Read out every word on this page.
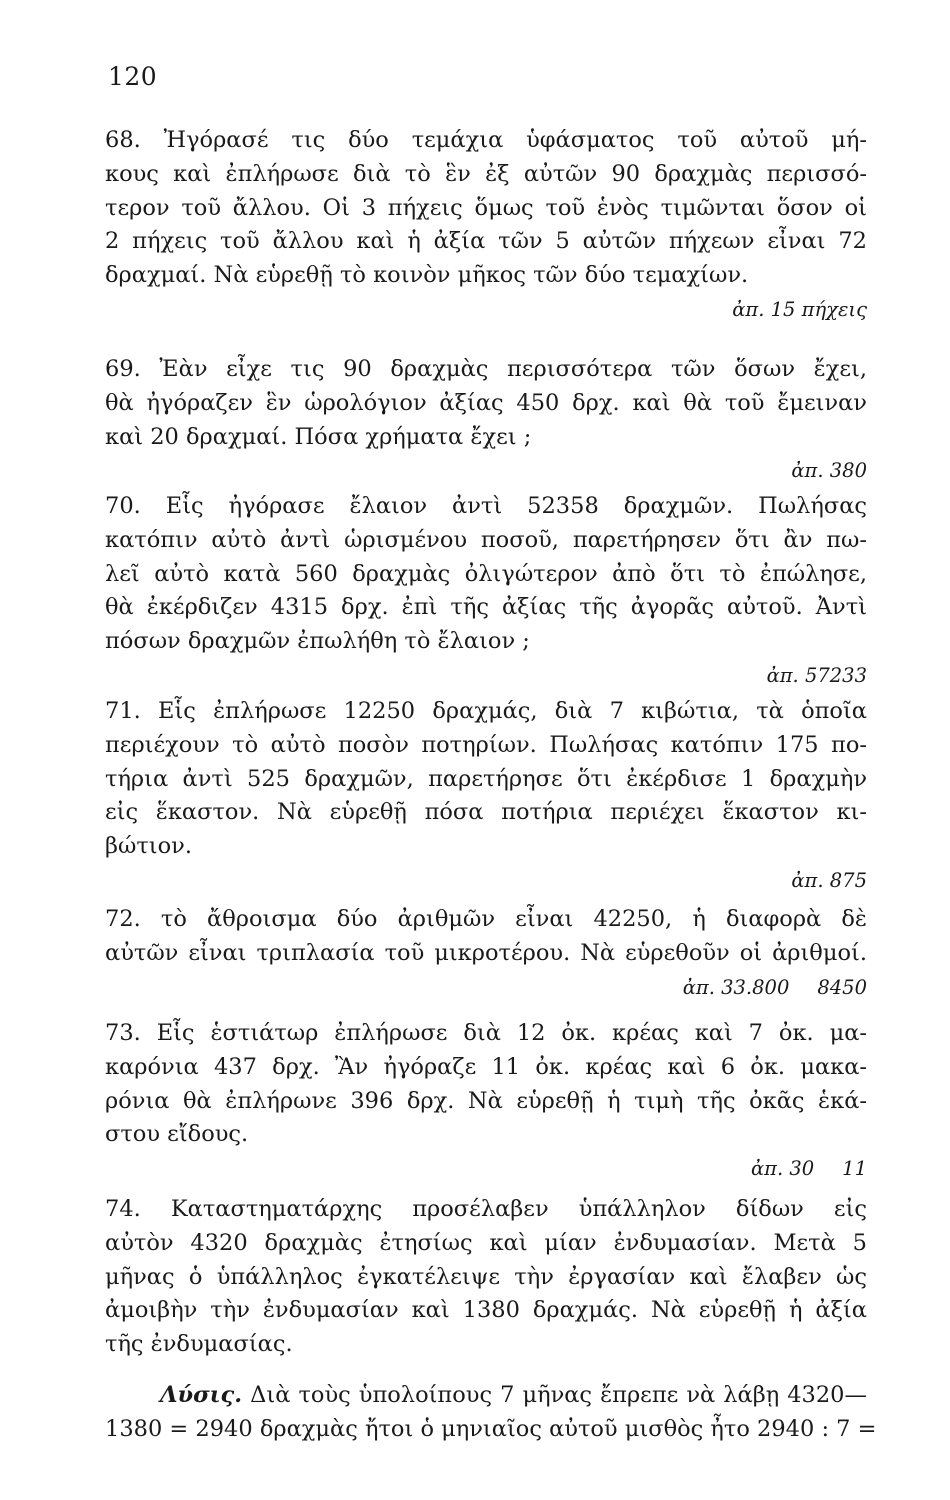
120
68. Ἠγόρασέ τις δύο τεμάχια ὑφάσματος τοῦ αὐτοῦ μή-
κους καὶ ἐπλήρωσε διὰ τὸ ἓν ἐξ αὐτῶν 90 δραχμὰς περισσό-
τερον τοῦ ἄλλου. Οἱ 3 πήχεις ὅμως τοῦ ἑνὸς τιμῶνται ὅσον οἱ
2 πήχεις τοῦ ἄλλου καὶ ἡ ἀξία τῶν 5 αὐτῶν πήχεων εἶναι 72
δραχμαί. Νὰ εὑρεθῇ τὸ κοινὸν μῆκος τῶν δύο τεμαχίων.
ἀπ. 15 πήχεις
69. Ἐὰν εἶχε τις 90 δραχμὰς περισσότερα τῶν ὅσων ἔχει,
θὰ ἠγόραζεν ἓν ὡρολόγιον ἀξίας 450 δρχ. καὶ θὰ τοῦ ἔμειναν
καὶ 20 δραχμαί. Πόσα χρήματα ἔχει ;
ἀπ. 380
70. Εἷς ἠγόρασε ἔλαιον ἀντὶ 52358 δραχμῶν. Πωλήσας
κατόπιν αὐτὸ ἀντὶ ὡρισμένου ποσοῦ, παρετήρησεν ὅτι ἂν πω-
λεῖ αὐτὸ κατὰ 560 δραχμὰς ὀλιγώτερον ἀπὸ ὅτι τὸ ἐπώλησε,
θὰ ἐκέρδιζεν 4315 δρχ. ἐπὶ τῆς ἀξίας τῆς ἀγορᾶς αὐτοῦ. Ἀντὶ
πόσων δραχμῶν ἐπωλήθη τὸ ἔλαιον ;
ἀπ. 57233
71. Εἷς ἐπλήρωσε 12250 δραχμάς, διὰ 7 κιβώτια, τὰ ὁποῖα
περιέχουν τὸ αὐτὸ ποσὸν ποτηρίων. Πωλήσας κατόπιν 175 πο-
τήρια ἀντὶ 525 δραχμῶν, παρετήρησε ὅτι ἐκέρδισε 1 δραχμὴν
εἰς ἕκαστον. Νὰ εὑρεθῇ πόσα ποτήρια περιέχει ἕκαστον κι-
βώτιον.
ἀπ. 875
72. τὸ ἄθροισμα δύο ἀριθμῶν εἶναι 42250, ἡ διαφορὰ δὲ
αὐτῶν εἶναι τριπλασία τοῦ μικροτέρου. Νὰ εὑρεθοῦν οἱ ἀριθμοί.
ἀπ. 33.800 8450
73. Εἷς ἑστιάτωρ ἐπλήρωσε διὰ 12 ὀκ. κρέας καὶ 7 ὀκ. μα-
καρόνια 437 δρχ. Ἂν ἠγόραζε 11 ὀκ. κρέας καὶ 6 ὀκ. μακα-
ρόνια θὰ ἐπλήρωνε 396 δρχ. Νὰ εὑρεθῇ ἡ τιμὴ τῆς ὀκᾶς ἑκά-
στου εἴδους.
ἀπ. 30 11
74. Καταστηματάρχης προσέλαβεν ὑπάλληλον δίδων εἰς
αὐτὸν 4320 δραχμὰς ἐτησίως καὶ μίαν ἐνδυμασίαν. Μετὰ 5
μῆνας ὁ ὑπάλληλος ἐγκατέλειψε τὴν ἐργασίαν καὶ ἔλαβεν ὡς
ἀμοιβὴν τὴν ἐνδυμασίαν καὶ 1380 δραχμάς. Νὰ εὑρεθῇ ἡ ἀξία
τῆς ἐνδυμασίας.
Λύσις. Διὰ τοὺς ὑπολοίπους 7 μῆνας ἔπρεπε νὰ λάβῃ 4320—
1380 = 2940 δραχμὰς ἤτοι ὁ μηνιαῖος αὐτοῦ μισθὸς ἦτο 2940 : 7 =
